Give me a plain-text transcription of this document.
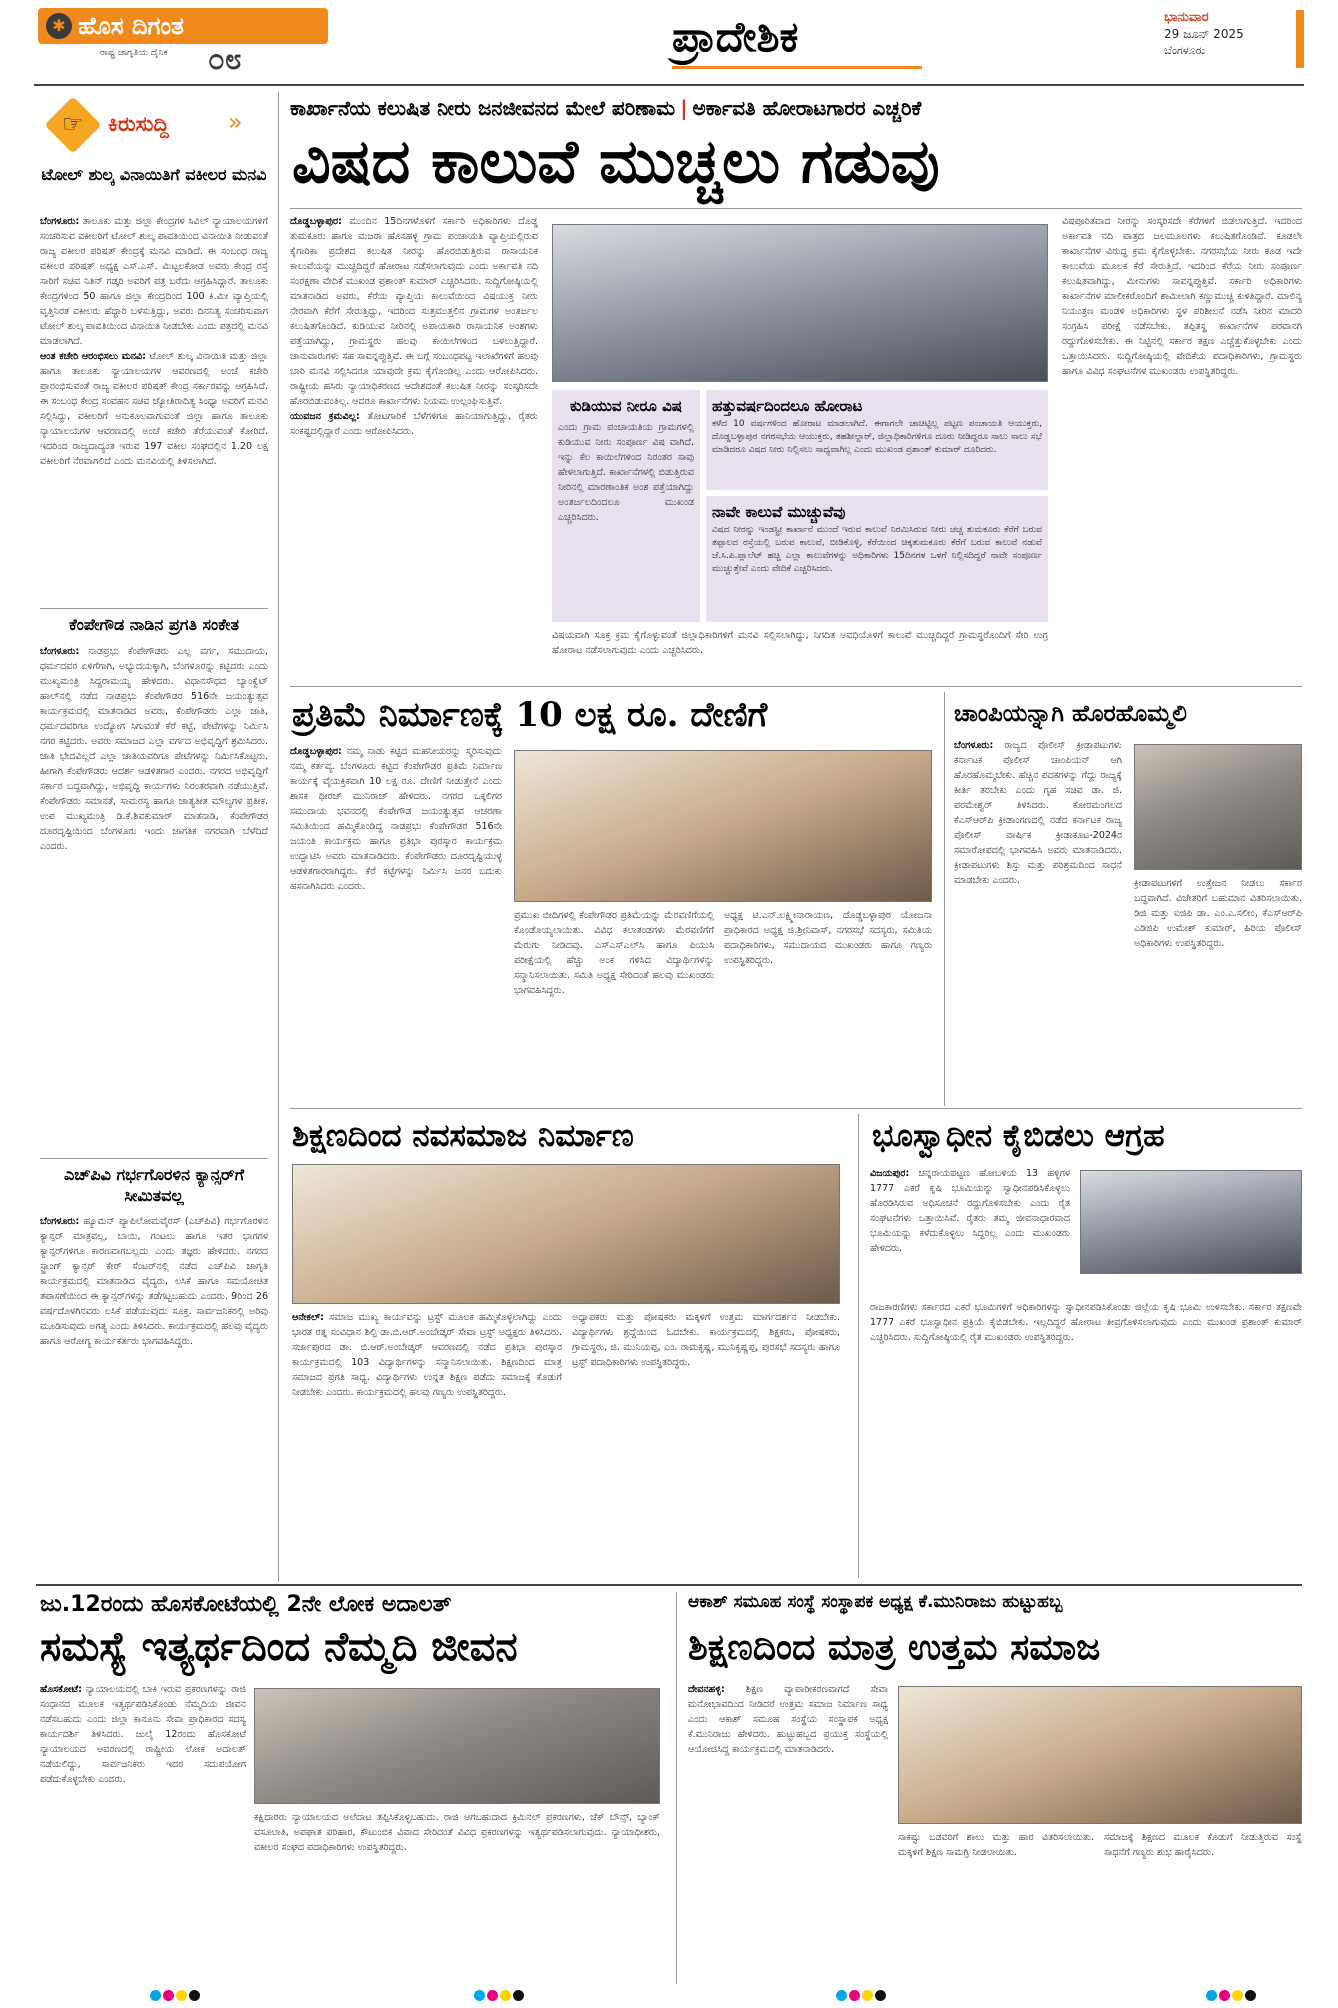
✱ ಹೊಸ ದಿಗಂತ
ರಾಷ್ಟ್ರ ಜಾಗೃತಿಯ ದೈನಿಕ ೦೮	ಪ್ರಾದೇಶಿಕ	ಭಾನುವಾರ
29 ಜೂನ್ 2025
ಬೆಂಗಳೂರು
☞ ಕಿರುಸುದ್ದಿ »
ಟೋಲ್ ಶುಲ್ಕ ವಿನಾಯಿತಿಗೆ ವಕೀಲರ ಮನವಿ
ಬೆಂಗಳೂರು: ತಾಲೂಕು ಮತ್ತು ಜಿಲ್ಲಾ ಕೇಂದ್ರಗಳ ಸಿವಿಲ್ ನ್ಯಾಯಾಲಯಗಳಿಗೆ ಸಂಚರಿಸುವ ವಕೀಲರಿಗೆ ಟೋಲ್ ಶುಲ್ಕ ಪಾವತಿಯಿಂದ ವಿನಾಯಿತಿ ನೀಡುವಂತೆ ರಾಜ್ಯ ವಕೀಲರ ಪರಿಷತ್ ಕೇಂದ್ರಕ್ಕೆ ಮನವಿ ಮಾಡಿದೆ. ಈ ಸಂಬಂಧ ರಾಜ್ಯ ವಕೀಲರ ಪರಿಷತ್ ಅಧ್ಯಕ್ಷ ಎಸ್.ಎಸ್. ಮಿಟ್ಟಲಕೋಡ ಅವರು ಕೇಂದ್ರ ರಸ್ತೆ ಸಾರಿಗೆ ಸಚಿವ ನಿತಿನ್ ಗಡ್ಕರಿ ಅವರಿಗೆ ಪತ್ರ ಬರೆದು ಆಗ್ರಹಿಸಿದ್ದಾರೆ. ತಾಲೂಕು ಕೇಂದ್ರಗಳಿಂದ 50 ಹಾಗೂ ಜಿಲ್ಲಾ ಕೇಂದ್ರದಿಂದ 100 ಕಿ.ಮೀ ವ್ಯಾಪ್ತಿಯಲ್ಲಿ ವೃತ್ತಿನಿರತ ವಕೀಲರು ಹೆದ್ದಾರಿ ಬಳಸುತ್ತಿದ್ದು, ಅವರು ದಿನನಿತ್ಯ ಸಂಚರಿಸುವಾಗ ಟೋಲ್ ಶುಲ್ಕ ಪಾವತಿಯಿಂದ ವಿನಾಯಿತಿ ನೀಡಬೇಕು ಎಂದು ಪತ್ರದಲ್ಲಿ ಮನವಿ ಮಾಡಲಾಗಿದೆ.
ಆಂತ ಕಚೇರಿ ಆರಂಭಿಸಲು ಮನವಿ: ಟೋಲ್ ಶುಲ್ಕ ವಿನಾಯಿತಿ ಮತ್ತು ಜಿಲ್ಲಾ ಹಾಗೂ ತಾಲೂಕು ನ್ಯಾಯಾಲಯಗಳ ಆವರಣದಲ್ಲಿ ಅಂಚೆ ಕಚೇರಿ ಪ್ರಾರಂಭಿಸುವಂತೆ ರಾಜ್ಯ ವಕೀಲರ ಪರಿಷತ್ ಕೇಂದ್ರ ಸರ್ಕಾರವನ್ನು ಆಗ್ರಹಿಸಿದೆ. ಈ ಸಂಬಂಧ ಕೇಂದ್ರ ಸಂವಹನ ಸಚಿವ ಜ್ಯೋತಿರಾದಿತ್ಯ ಸಿಂಧ್ಯಾ ಅವರಿಗೆ ಮನವಿ ಸಲ್ಲಿಸಿದ್ದು, ವಕೀಲರಿಗೆ ಅನುಕೂಲವಾಗುವಂತೆ ಜಿಲ್ಲಾ ಹಾಗೂ ತಾಲೂಕು ನ್ಯಾಯಾಲಯಗಳ ಆವರಣದಲ್ಲಿ ಅಂಚೆ ಕಚೇರಿ ತೆರೆಯುವಂತೆ ಕೋರಿದೆ. ಇದರಿಂದ ರಾಜ್ಯದಾದ್ಯಂತ ಇರುವ 197 ವಕೀಲ ಸಂಘದಲ್ಲಿನ 1.20 ಲಕ್ಷ ವಕೀಲರಿಗೆ ನೆರವಾಗಲಿದೆ ಎಂದು ಮನವಿಯಲ್ಲಿ ತಿಳಿಸಲಾಗಿದೆ.
ಕೆಂಪೇಗೌಡ ನಾಡಿನ ಪ್ರಗತಿ ಸಂಕೇತ
ಬೆಂಗಳೂರು: ನಾಡಪ್ರಭು ಕೆಂಪೇಗೌಡರು ಎಲ್ಲ ವರ್ಗ, ಸಮುದಾಯ, ಧರ್ಮದವರ ಏಳಿಗೆಗಾಗಿ, ಅಭ್ಯುದಯಕ್ಕಾಗಿ, ಬೆಂಗಳೂರನ್ನು ಕಟ್ಟಿದರು ಎಂದು ಮುಖ್ಯಮಂತ್ರಿ ಸಿದ್ದರಾಮಯ್ಯ ಹೇಳಿದರು. ವಿಧಾನಸೌಧದ ಬ್ಯಾಂಕ್ವೆಟ್ ಹಾಲ್‌ನಲ್ಲಿ ನಡೆದ ನಾಡಪ್ರಭು ಕೆಂಪೇಗೌಡರ 516ನೇ ಜಯಂತ್ಯುತ್ಸವ ಕಾರ್ಯಕ್ರಮದಲ್ಲಿ ಮಾತನಾಡಿದ ಅವರು, ಕೆಂಪೇಗೌಡರು ಎಲ್ಲಾ ಜಾತಿ, ಧರ್ಮದವರಿಗೂ ಉದ್ಯೋಗ ಸಿಗುವಂತೆ ಕೆರೆ ಕಟ್ಟೆ, ಪೇಟೆಗಳನ್ನು ನಿರ್ಮಿಸಿ ನಗರ ಕಟ್ಟಿದರು. ಅವರು ಸಮಾಜದ ಎಲ್ಲಾ ವರ್ಗದ ಅಭಿವೃದ್ಧಿಗೆ ಶ್ರಮಿಸಿದರು. ಜಾತಿ ಭೇದವಿಲ್ಲದೆ ಎಲ್ಲಾ ಜಾತಿಯವರಿಗೂ ಪೇಟೆಗಳನ್ನು ನಿರ್ಮಿಸಿಕೊಟ್ಟರು. ಹೀಗಾಗಿ ಕೆಂಪೇಗೌಡರು ಆದರ್ಶ ಆಡಳಿತಗಾರ ಎಂದರು. ನಗರದ ಅಭಿವೃದ್ಧಿಗೆ ಸರ್ಕಾರ ಬದ್ಧವಾಗಿದ್ದು, ಅಭಿವೃದ್ಧಿ ಕಾರ್ಯಗಳು ನಿರಂತರವಾಗಿ ನಡೆಯುತ್ತಿವೆ. ಕೆಂಪೇಗೌಡರು ಸಮಾನತೆ, ಸಾಮರಸ್ಯ ಹಾಗೂ ಜಾತ್ಯತೀತ ಮೌಲ್ಯಗಳ ಪ್ರತೀಕ. ಉಪ ಮುಖ್ಯಮಂತ್ರಿ ಡಿ.ಕೆ.ಶಿವಕುಮಾರ್ ಮಾತನಾಡಿ, ಕೆಂಪೇಗೌಡರ ದೂರದೃಷ್ಟಿಯಿಂದ ಬೆಂಗಳೂರು ಇಂದು ಜಾಗತಿಕ ನಗರವಾಗಿ ಬೆಳೆದಿದೆ ಎಂದರು.
ಎಚ್‌ಪಿವಿ ಗರ್ಭಗೊರಳಿನ ಕ್ಯಾನ್ಸರ್‌ಗೆ ಸೀಮಿತವಲ್ಲ
ಬೆಂಗಳೂರು: ಹ್ಯೂಮನ್ ಪ್ಯಾಪಿಲೋಮವೈರಸ್ (ಎಚ್‌ಪಿವಿ) ಗರ್ಭಗೊರಳಿನ ಕ್ಯಾನ್ಸರ್ ಮಾತ್ರವಲ್ಲ, ಬಾಯಿ, ಗಂಟಲು ಹಾಗೂ ಇತರ ಭಾಗಗಳ ಕ್ಯಾನ್ಸರ್‌ಗಳಿಗೂ ಕಾರಣವಾಗಬಲ್ಲದು ಎಂದು ತಜ್ಞರು ಹೇಳಿದರು. ನಗರದ ಸ್ಟ್ರಾಂಗ್ ಕ್ಯಾನ್ಸರ್ ಕೇರ್ ಸೆಂಟರ್‌ನಲ್ಲಿ ನಡೆದ ಎಚ್‌ಪಿವಿ ಜಾಗೃತಿ ಕಾರ್ಯಕ್ರಮದಲ್ಲಿ ಮಾತನಾಡಿದ ವೈದ್ಯರು, ಲಸಿಕೆ ಹಾಗೂ ಸಮಯೋಚಿತ ತಪಾಸಣೆಯಿಂದ ಈ ಕ್ಯಾನ್ಸರ್‌ಗಳನ್ನು ತಡೆಗಟ್ಟಬಹುದು ಎಂದರು. 9ರಿಂದ 26 ವರ್ಷದೊಳಗಿನವರು ಲಸಿಕೆ ಪಡೆಯುವುದು ಸೂಕ್ತ. ಸಾರ್ವಜನಿಕರಲ್ಲಿ ಅರಿವು ಮೂಡಿಸುವುದು ಅಗತ್ಯ ಎಂದು ತಿಳಿಸಿದರು. ಕಾರ್ಯಕ್ರಮದಲ್ಲಿ ಹಲವು ವೈದ್ಯರು ಹಾಗೂ ಆರೋಗ್ಯ ಕಾರ್ಯಕರ್ತರು ಭಾಗವಹಿಸಿದ್ದರು.
ಕಾರ್ಖಾನೆಯ ಕಲುಷಿತ ನೀರು ಜನಜೀವನದ ಮೇಲೆ ಪರಿಣಾಮ | ಅರ್ಕಾವತಿ ಹೋರಾಟಗಾರರ ಎಚ್ಚರಿಕೆ
ವಿಷದ ಕಾಲುವೆ ಮುಚ್ಚಲು ಗಡುವು
ದೊಡ್ಡಬಳ್ಳಾಪುರ: ಮುಂದಿನ 15ದಿನಗಳೊಳಗೆ ಸರ್ಕಾರಿ ಅಧಿಕಾರಿಗಳು ದೊಡ್ಡ ತುಮಕೂರು ಹಾಗೂ ಮಜರಾ ಹೊಸಹಳ್ಳಿ ಗ್ರಾಮ ಪಂಚಾಯತಿ ವ್ಯಾಪ್ತಿಯಲ್ಲಿರುವ ಕೈಗಾರಿಕಾ ಪ್ರದೇಶದ ಕಲುಷಿತ ನೀರನ್ನು ಹೊರಬಿಡುತ್ತಿರುವ ರಾಸಾಯನಿಕ ಕಾಲುವೆಯನ್ನು ಮುಚ್ಚದಿದ್ದರೆ ಹೋರಾಟ ನಡೆಸಲಾಗುವುದು ಎಂದು ಅರ್ಕಾವತಿ ನದಿ ಸಂರಕ್ಷಣಾ ವೇದಿಕೆ ಮುಖಂಡ ಪ್ರಶಾಂತ್ ಕುಮಾರ್ ಎಚ್ಚರಿಸಿದರು. ಸುದ್ದಿಗೋಷ್ಠಿಯಲ್ಲಿ ಮಾತನಾಡಿದ ಅವರು, ಕೆರೆಯ ವ್ಯಾಪ್ತಿಯ ಕಾಲುವೆಯಿಂದ ವಿಷಯುಕ್ತ ನೀರು ನೇರವಾಗಿ ಕೆರೆಗೆ ಸೇರುತ್ತಿದ್ದು, ಇದರಿಂದ ಸುತ್ತಮುತ್ತಲಿನ ಗ್ರಾಮಗಳ ಅಂತರ್ಜಲ ಕಲುಷಿತಗೊಂಡಿದೆ. ಕುಡಿಯುವ ನೀರಿನಲ್ಲಿ ಅಪಾಯಕಾರಿ ರಾಸಾಯನಿಕ ಅಂಶಗಳು ಪತ್ತೆಯಾಗಿದ್ದು, ಗ್ರಾಮಸ್ಥರು ಹಲವು ಕಾಯಿಲೆಗಳಿಂದ ಬಳಲುತ್ತಿದ್ದಾರೆ. ಜಾನುವಾರುಗಳು ಸಹ ಸಾವನ್ನಪ್ಪುತ್ತಿವೆ. ಈ ಬಗ್ಗೆ ಸಂಬಂಧಪಟ್ಟ ಇಲಾಖೆಗಳಿಗೆ ಹಲವು ಬಾರಿ ಮನವಿ ಸಲ್ಲಿಸಿದರೂ ಯಾವುದೇ ಕ್ರಮ ಕೈಗೊಂಡಿಲ್ಲ ಎಂದು ಆರೋಪಿಸಿದರು. ರಾಷ್ಟ್ರೀಯ ಹಸಿರು ನ್ಯಾಯಾಧಿಕರಣದ ಆದೇಶದಂತೆ ಕಲುಷಿತ ನೀರನ್ನು ಸಂಸ್ಕರಿಸದೇ ಹೊರಬಿಡುವಂತಿಲ್ಲ. ಆದರೂ ಕಾರ್ಖಾನೆಗಳು ನಿಯಮ ಉಲ್ಲಂಘಿಸುತ್ತಿವೆ.
ಯುವಜನ ಕ್ರಮವಿಲ್ಲ: ತೋಟಗಾರಿಕೆ ಬೆಳೆಗಳಿಗೂ ಹಾನಿಯಾಗುತ್ತಿದ್ದು, ರೈತರು ಸಂಕಷ್ಟದಲ್ಲಿದ್ದಾರೆ ಎಂದು ಆರೋಪಿಸಿದರು.
ವಿಷಪೂರಿತವಾದ ನೀರನ್ನು ಸಂಸ್ಕರಿಸದೇ ಕೆರೆಗಳಿಗೆ ಬಿಡಲಾಗುತ್ತಿದೆ. ಇದರಿಂದ ಅರ್ಕಾವತಿ ನದಿ ಪಾತ್ರದ ಜಲಮೂಲಗಳು ಕಲುಷಿತಗೊಂಡಿವೆ. ಕೂಡಲೇ ಕಾರ್ಖಾನೆಗಳ ವಿರುದ್ಧ ಕ್ರಮ ಕೈಗೊಳ್ಳಬೇಕು. ನಗರಸಭೆಯ ನೀರು ಕೂಡ ಇದೇ ಕಾಲುವೆಯ ಮೂಲಕ ಕೆರೆ ಸೇರುತ್ತಿದೆ. ಇದರಿಂದ ಕೆರೆಯ ನೀರು ಸಂಪೂರ್ಣ ಕಲುಷಿತವಾಗಿದ್ದು, ಮೀನುಗಳು ಸಾವನ್ನಪ್ಪುತ್ತಿವೆ. ಸರ್ಕಾರಿ ಅಧಿಕಾರಿಗಳು ಕಾರ್ಖಾನೆಗಳ ಮಾಲೀಕರೊಂದಿಗೆ ಶಾಮೀಲಾಗಿ ಕಣ್ಣುಮುಚ್ಚಿ ಕುಳಿತಿದ್ದಾರೆ. ಮಾಲಿನ್ಯ ನಿಯಂತ್ರಣ ಮಂಡಳಿ ಅಧಿಕಾರಿಗಳು ಸ್ಥಳ ಪರಿಶೀಲನೆ ನಡೆಸಿ ನೀರಿನ ಮಾದರಿ ಸಂಗ್ರಹಿಸಿ ಪರೀಕ್ಷೆ ನಡೆಸಬೇಕು. ತಪ್ಪಿತಸ್ಥ ಕಾರ್ಖಾನೆಗಳ ಪರವಾನಗಿ ರದ್ದುಗೊಳಿಸಬೇಕು. ಈ ನಿಟ್ಟಿನಲ್ಲಿ ಸರ್ಕಾರ ತಕ್ಷಣ ಎಚ್ಚೆತ್ತುಕೊಳ್ಳಬೇಕು ಎಂದು ಒತ್ತಾಯಿಸಿದರು. ಸುದ್ದಿಗೋಷ್ಠಿಯಲ್ಲಿ ವೇದಿಕೆಯ ಪದಾಧಿಕಾರಿಗಳು, ಗ್ರಾಮಸ್ಥರು ಹಾಗೂ ವಿವಿಧ ಸಂಘಟನೆಗಳ ಮುಖಂಡರು ಉಪಸ್ಥಿತರಿದ್ದರು.
ಕುಡಿಯುವ ನೀರೂ ವಿಷ
ಎಂದು ಗ್ರಾಮ ಪಂಚಾಯತಿಯ ಗ್ರಾಮಗಳಲ್ಲಿ ಕುಡಿಯುವ ನೀರು ಸಂಪೂರ್ಣ ವಿಷ ವಾಗಿದೆ. ಇನ್ನು ಕೆಲ ಕಾಯಿಲೆಗಳಿಂದ ನಿರಂತರ ಸಾವು ಹೇಳಲಾಗುತ್ತಿದೆ. ಕಾರ್ಖಾನೆಗಳಲ್ಲಿ ಬಿಡುತ್ತಿರುವ ನೀರಿನಲ್ಲಿ ಮಾರಣಾಂತಿಕ ಅಂಶ ಪತ್ತೆಯಾಗಿದ್ದು ಅಂತರ್ಜಲದಿಂದಲೂ ಮುಖಂಡ ಎಚ್ಚರಿಸಿದರು.
ಹತ್ತುವರ್ಷದಿಂದಲೂ ಹೋರಾಟ
ಕಳೆದ 10 ವರ್ಷಗಳಿಂದ ಹೋರಾಟ ಮಾಡಲಾಗಿದೆ. ಈಗಾಗಲೇ ಚಾಚಿಟ್ಟಿಲ್ಲ ಪಟ್ಟಣ ಪಂಚಾಯತಿ ಆಯುಕ್ತರು, ದೊಡ್ಡಬಳ್ಳಾಪುರ ನಗರಸಭೆಯ ಆಯುಕ್ತರು, ತಹಶೀಲ್ದಾರ್, ಜಿಲ್ಲಾಧಿಕಾರಿಗಳಿಗೂ ದೂರು ನೀಡಿದ್ದರೂ ಸಾಲು ಸಾಲು ಸಭೆ ಮಾಡಿದರೂ ವಿಷದ ನೀರು ನಿಲ್ಲಿಸಲು ಸಾಧ್ಯವಾಗಿಲ್ಲ ಎಂದು ಮುಖಂಡ ಪ್ರಶಾಂತ್ ಕುಮಾರ್ ದೂರಿದರು.
ನಾವೇ ಕಾಲುವೆ ಮುಚ್ಚುವೆವು
ವಿಷದ ನೀರನ್ನು ಇಂಡಸ್ಟ್ರೀ ಕಾರ್ಖಾನೆ ಮುಂದೆ ಇರುವ ಕಾಲುವೆ ನಿರಮಿಸಿರುವ ನೀರು ಚಚ್ಚ ತುಮಕೂರು ಕೆರೆಗೆ ಬರುವ ತಪ್ಪಾಲದ ರಸ್ತೆಯಲ್ಲಿ ಬರುವ ಕಾಲುವೆ, ಬೀಡಿಕೊಳ್ಳಿ, ಕೆರೆಯಿಂದ ಚಿಕ್ಕತುಮಕೂರು ಕೆರೆಗೆ ಬರುವ ಕಾಲುವೆ ನಡುವೆ ಜೆ.ಸಿ.ಪಿ.ಪ್ಲಾಲೆಟ್ ಹಚ್ಚಿ ಎಲ್ಲಾ ಕಾಲುವೆಗಳನ್ನು ಅಧಿಕಾರಿಗಳು 15ದಿನಗಳ ಒಳಗೆ ನಿಲ್ಲಿಸದಿದ್ದರೆ ನಾವೇ ಸಂಪೂರ್ಣ ಮುಚ್ಚುತ್ತೇವೆ ಎಂದು ವೇದಿಕೆ ಎಚ್ಚರಿಸಿದರು.
ವಿಷಯವಾಗಿ ಸೂಕ್ತ ಕ್ರಮ ಕೈಗೊಳ್ಳುವಂತೆ ಜಿಲ್ಲಾಧಿಕಾರಿಗಳಿಗೆ ಮನವಿ ಸಲ್ಲಿಸಲಾಗಿದ್ದು, ನಿಗದಿತ ಅವಧಿಯೊಳಗೆ ಕಾಲುವೆ ಮುಚ್ಚದಿದ್ದರೆ ಗ್ರಾಮಸ್ಥರೊಂದಿಗೆ ಸೇರಿ ಉಗ್ರ ಹೋರಾಟ ನಡೆಸಲಾಗುವುದು ಎಂದು ಎಚ್ಚರಿಸಿದರು.
ಪ್ರತಿಮೆ ನಿರ್ಮಾಣಕ್ಕೆ 10 ಲಕ್ಷ ರೂ. ದೇಣಿಗೆ
ದೊಡ್ಡಬಳ್ಳಾಪುರ: ನಮ್ಮ ನಾಡು ಕಟ್ಟಿದ ಮಹನೀಯರನ್ನು ಸ್ಮರಿಸುವುದು ನಮ್ಮ ಕರ್ತವ್ಯ. ಬೆಂಗಳೂರು ಕಟ್ಟಿದ ಕೆಂಪೇಗೌಡರ ಪ್ರತಿಮೆ ನಿರ್ಮಾಣ ಕಾರ್ಯಕ್ಕೆ ವೈಯಕ್ತಿಕವಾಗಿ 10 ಲಕ್ಷ ರೂ. ದೇಣಿಗೆ ನೀಡುತ್ತೇನೆ ಎಂದು ಶಾಸಕ ಧೀರಜ್ ಮುನಿರಾಜ್ ಹೇಳಿದರು. ನಗರದ ಒಕ್ಕಲಿಗರ ಸಮುದಾಯ ಭವನದಲ್ಲಿ ಕೆಂಪೇಗೌಡ ಜಯಂತ್ಯುತ್ಸವ ಆಚರಣಾ ಸಮಿತಿಯಿಂದ ಹಮ್ಮಿಕೊಂಡಿದ್ದ ನಾಡಪ್ರಭು ಕೆಂಪೇಗೌಡರ 516ನೇ ಜಯಂತಿ ಕಾರ್ಯಕ್ರಮ ಹಾಗೂ ಪ್ರತಿಭಾ ಪುರಸ್ಕಾರ ಕಾರ್ಯಕ್ರಮ ಉದ್ಘಾಟಿಸಿ ಅವರು ಮಾತನಾಡಿದರು. ಕೆಂಪೇಗೌಡರು ದೂರದೃಷ್ಟಿಯುಳ್ಳ ಆಡಳಿತಗಾರರಾಗಿದ್ದರು. ಕೆರೆ ಕಟ್ಟೆಗಳನ್ನು ನಿರ್ಮಿಸಿ ಜನರ ಬದುಕು ಹಸನಾಗಿಸಿದರು ಎಂದರು.
ಪ್ರಮುಖ ಬೀದಿಗಳಲ್ಲಿ ಕೆಂಪೇಗೌಡರ ಪ್ರತಿಮೆಯನ್ನು ಮೆರವಣಿಗೆಯಲ್ಲಿ ಕೊಂಡೊಯ್ಯಲಾಯಿತು. ವಿವಿಧ ಕಲಾತಂಡಗಳು ಮೆರವಣಿಗೆಗೆ ಮೆರುಗು ನೀಡಿದವು. ಎಸ್ಎಸ್ಎಲ್‌ಸಿ ಹಾಗೂ ಪಿಯುಸಿ ಪರೀಕ್ಷೆಯಲ್ಲಿ ಹೆಚ್ಚು ಅಂಕ ಗಳಿಸಿದ ವಿದ್ಯಾರ್ಥಿಗಳನ್ನು ಸನ್ಮಾನಿಸಲಾಯಿತು. ಸಮಿತಿ ಅಧ್ಯಕ್ಷ ಸೇರಿದಂತೆ ಹಲವು ಮುಖಂಡರು ಭಾಗವಹಿಸಿದ್ದರು.
ಅಧ್ಯಕ್ಷ ಟಿ.ಎನ್.ಲಕ್ಷ್ಮೀನಾರಾಯಣ, ದೊಡ್ಡಬಳ್ಳಾಪುರ ಯೋಜನಾ ಪ್ರಾಧಿಕಾರದ ಅಧ್ಯಕ್ಷ ಜಿ.ಶ್ರೀನಿವಾಸ್, ನಗರಸಭೆ ಸದಸ್ಯರು, ಸಮಿತಿಯ ಪದಾಧಿಕಾರಿಗಳು, ಸಮುದಾಯದ ಮುಖಂಡರು ಹಾಗೂ ಗಣ್ಯರು ಉಪಸ್ಥಿತರಿದ್ದರು.
ಚಾಂಪಿಯನ್ನಾಗಿ ಹೊರಹೊಮ್ಮಲಿ
ಬೆಂಗಳೂರು: ರಾಜ್ಯದ ಪೊಲೀಸ್ ಕ್ರೀಡಾಪಟುಗಳು ಕರ್ನಾಟಕ ಪೊಲೀಸ್ ಚಾಂಪಿಯನ್ ಆಗಿ ಹೊರಹೊಮ್ಮಬೇಕು. ಹೆಚ್ಚಿನ ಪದಕಗಳನ್ನು ಗೆದ್ದು ರಾಜ್ಯಕ್ಕೆ ಕೀರ್ತಿ ತರಬೇಕು ಎಂದು ಗೃಹ ಸಚಿವ ಡಾ. ಜಿ. ಪರಮೇಶ್ವರ್ ತಿಳಿಸಿದರು. ಕೋರಮಂಗಲದ ಕೆಎಸ್ಆರ್‌ಪಿ ಕ್ರೀಡಾಂಗಣದಲ್ಲಿ ನಡೆದ ಕರ್ನಾಟಕ ರಾಜ್ಯ ಪೊಲೀಸ್ ವಾರ್ಷಿಕ ಕ್ರೀಡಾಕೂಟ-2024ರ ಸಮಾರೋಪದಲ್ಲಿ ಭಾಗವಹಿಸಿ ಅವರು ಮಾತನಾಡಿದರು. ಕ್ರೀಡಾಪಟುಗಳು ಶಿಸ್ತು ಮತ್ತು ಪರಿಶ್ರಮದಿಂದ ಸಾಧನೆ ಮಾಡಬೇಕು ಎಂದರು.	ಕ್ರೀಡಾಪಟುಗಳಿಗೆ ಉತ್ತೇಜನ ನೀಡಲು ಸರ್ಕಾರ ಬದ್ಧವಾಗಿದೆ. ವಿಜೇತರಿಗೆ ಬಹುಮಾನ ವಿತರಿಸಲಾಯಿತು. ಡಿಜಿ ಮತ್ತು ಐಜಿಪಿ ಡಾ. ಎಂ.ಎ.ಸಲೀಂ, ಕೆಎಸ್ಆರ್‌ಪಿ ಎಡಿಜಿಪಿ ಉಮೇಶ್ ಕುಮಾರ್, ಹಿರಿಯ ಪೊಲೀಸ್ ಅಧಿಕಾರಿಗಳು ಉಪಸ್ಥಿತರಿದ್ದರು.
ಶಿಕ್ಷಣದಿಂದ ನವಸಮಾಜ ನಿರ್ಮಾಣ
ಆನೇಕಲ್: ಸಮಾಜ ಮುಖ್ಯ ಕಾರ್ಯವನ್ನು ಟ್ರಸ್ಟ್ ಮೂಲಕ ಹಮ್ಮಿಕೊಳ್ಳಲಾಗಿದ್ದು ಎಂದು ಭಾರತ ರತ್ನ ಸಂವಿಧಾನ ಶಿಲ್ಪಿ ಡಾ.ಬಿ.ಆರ್.ಅಂಬೇಡ್ಕರ್ ಸೇವಾ ಟ್ರಸ್ಟ್ ಅಧ್ಯಕ್ಷರು ತಿಳಿಸಿದರು. ಸರ್ಜಾಪುರದ ಡಾ. ಬಿ.ಆರ್.ಅಂಬೇಡ್ಕರ್ ಆವರಣದಲ್ಲಿ ನಡೆದ ಪ್ರತಿಭಾ ಪುರಸ್ಕಾರ ಕಾರ್ಯಕ್ರಮದಲ್ಲಿ 103 ವಿದ್ಯಾರ್ಥಿಗಳನ್ನು ಸನ್ಮಾನಿಸಲಾಯಿತು. ಶಿಕ್ಷಣದಿಂದ ಮಾತ್ರ ಸಮಾಜದ ಪ್ರಗತಿ ಸಾಧ್ಯ. ವಿದ್ಯಾರ್ಥಿಗಳು ಉನ್ನತ ಶಿಕ್ಷಣ ಪಡೆದು ಸಮಾಜಕ್ಕೆ ಕೊಡುಗೆ ನೀಡಬೇಕು ಎಂದರು. ಕಾರ್ಯಕ್ರಮದಲ್ಲಿ ಹಲವು ಗಣ್ಯರು ಉಪಸ್ಥಿತರಿದ್ದರು.
ಅಧ್ಯಾಪಕರು ಮತ್ತು ಪೋಷಕರು ಮಕ್ಕಳಿಗೆ ಉತ್ತಮ ಮಾರ್ಗದರ್ಶನ ನೀಡಬೇಕು. ವಿದ್ಯಾರ್ಥಿಗಳು ಶ್ರದ್ಧೆಯಿಂದ ಓದಬೇಕು. ಕಾರ್ಯಕ್ರಮದಲ್ಲಿ ಶಿಕ್ಷಕರು, ಪೋಷಕರು, ಗ್ರಾಮಸ್ಥರು, ಜಿ. ಮುನಿಯಪ್ಪ, ಎಂ. ರಾಮಕೃಷ್ಣ, ಮುನಿಕೃಷ್ಣಪ್ಪ, ಪುರಸಭೆ ಸದಸ್ಯರು ಹಾಗೂ ಟ್ರಸ್ಟ್ ಪದಾಧಿಕಾರಿಗಳು ಉಪಸ್ಥಿತರಿದ್ದರು.
ಭೂಸ್ವಾಧೀನ ಕೈಬಿಡಲು ಆಗ್ರಹ
ವಿಜಯಪುರ: ಚನ್ನರಾಯಪಟ್ಟಣ ಹೋಬಳಿಯ 13 ಹಳ್ಳಿಗಳ 1777 ಎಕರೆ ಕೃಷಿ ಭೂಮಿಯನ್ನು ಸ್ವಾಧೀನಪಡಿಸಿಕೊಳ್ಳಲು ಹೊರಡಿಸಿರುವ ಅಧಿಸೂಚನೆ ರದ್ದುಗೊಳಿಸಬೇಕು ಎಂದು ರೈತ ಸಂಘಟನೆಗಳು ಒತ್ತಾಯಿಸಿವೆ. ರೈತರು ತಮ್ಮ ಜೀವನಾಧಾರವಾದ ಭೂಮಿಯನ್ನು ಕಳೆದುಕೊಳ್ಳಲು ಸಿದ್ಧರಿಲ್ಲ ಎಂದು ಮುಖಂಡರು ಹೇಳಿದರು.
ರಾಜಕಾರಣಿಗಳು ಸರ್ಕಾರದ ಎಕರೆ ಭೂಮಿಗಳಿಗೆ ಅಧಿಕಾರಿಗಳನ್ನು ಸ್ವಾಧೀನಪಡಿಸಿಕೊಂಡು ಜಿಲ್ಲೆಯ ಕೃಷಿ ಭೂಮಿ ಉಳಿಸಬೇಕು. ಸರ್ಕಾರ ತಕ್ಷಣವೇ 1777 ಎಕರೆ ಭೂಸ್ವಾಧೀನ ಪ್ರಕ್ರಿಯೆ ಕೈಬಿಡಬೇಕು. ಇಲ್ಲದಿದ್ದರೆ ಹೋರಾಟ ತೀವ್ರಗೊಳಿಸಲಾಗುವುದು ಎಂದು ಮುಖಂಡ ಪ್ರಶಾಂತ್ ಕುಮಾರ್ ಎಚ್ಚರಿಸಿದರು. ಸುದ್ದಿಗೋಷ್ಠಿಯಲ್ಲಿ ರೈತ ಮುಖಂಡರು ಉಪಸ್ಥಿತರಿದ್ದರು.
ಜು.12ರಂದು ಹೊಸಕೋಟೆಯಲ್ಲಿ 2ನೇ ಲೋಕ ಅದಾಲತ್
ಸಮಸ್ಯೆ ಇತ್ಯರ್ಥದಿಂದ ನೆಮ್ಮದಿ ಜೀವನ
ಹೊಸಕೋಟೆ: ನ್ಯಾಯಾಲಯದಲ್ಲಿ ಬಾಕಿ ಇರುವ ಪ್ರಕರಣಗಳನ್ನು ರಾಜಿ ಸಂಧಾನದ ಮೂಲಕ ಇತ್ಯರ್ಥಪಡಿಸಿಕೊಂಡು ನೆಮ್ಮದಿಯ ಜೀವನ ನಡೆಸಬಹುದು ಎಂದು ಜಿಲ್ಲಾ ಕಾನೂನು ಸೇವಾ ಪ್ರಾಧಿಕಾರದ ಸದಸ್ಯ ಕಾರ್ಯದರ್ಶಿ ತಿಳಿಸಿದರು. ಜುಲೈ 12ರಂದು ಹೊಸಕೋಟೆ ನ್ಯಾಯಾಲಯದ ಆವರಣದಲ್ಲಿ ರಾಷ್ಟ್ರೀಯ ಲೋಕ ಅದಾಲತ್ ನಡೆಯಲಿದ್ದು, ಸಾರ್ವಜನಿಕರು ಇದರ ಸದುಪಯೋಗ ಪಡೆದುಕೊಳ್ಳಬೇಕು ಎಂದರು.
ಕಕ್ಷಿದಾರರು ನ್ಯಾಯಾಲಯದ ಅಲೆದಾಟ ತಪ್ಪಿಸಿಕೊಳ್ಳಬಹುದು. ರಾಜಿ ಆಗಬಹುದಾದ ಕ್ರಿಮಿನಲ್ ಪ್ರಕರಣಗಳು, ಚೆಕ್ ಬೌನ್ಸ್, ಬ್ಯಾಂಕ್ ವಸೂಲಾತಿ, ಅಪಘಾತ ಪರಿಹಾರ, ಕೌಟುಂಬಿಕ ವಿವಾದ ಸೇರಿದಂತೆ ವಿವಿಧ ಪ್ರಕರಣಗಳನ್ನು ಇತ್ಯರ್ಥಪಡಿಸಲಾಗುವುದು. ನ್ಯಾಯಾಧೀಶರು, ವಕೀಲರ ಸಂಘದ ಪದಾಧಿಕಾರಿಗಳು ಉಪಸ್ಥಿತರಿದ್ದರು.
ಆಕಾಶ್ ಸಮೂಹ ಸಂಸ್ಥೆ ಸಂಸ್ಥಾಪಕ ಅಧ್ಯಕ್ಷ ಕೆ.ಮುನಿರಾಜು ಹುಟ್ಟುಹಬ್ಬ
ಶಿಕ್ಷಣದಿಂದ ಮಾತ್ರ ಉತ್ತಮ ಸಮಾಜ
ದೇವನಹಳ್ಳಿ: ಶಿಕ್ಷಣ ವ್ಯಾಪಾರೀಕರಣವಾಗದೆ ಸೇವಾ ಮನೋಭಾವದಿಂದ ನೀಡಿದರೆ ಉತ್ತಮ ಸಮಾಜ ನಿರ್ಮಾಣ ಸಾಧ್ಯ ಎಂದು ಆಕಾಶ್ ಸಮೂಹ ಸಂಸ್ಥೆಯ ಸಂಸ್ಥಾಪಕ ಅಧ್ಯಕ್ಷ ಕೆ.ಮುನಿರಾಜು ಹೇಳಿದರು. ಹುಟ್ಟುಹಬ್ಬದ ಪ್ರಯುಕ್ತ ಸಂಸ್ಥೆಯಲ್ಲಿ ಆಯೋಜಿಸಿದ್ದ ಕಾರ್ಯಕ್ರಮದಲ್ಲಿ ಮಾತನಾಡಿದರು.
ಸಾಕಷ್ಟು ಬಡವರಿಗೆ ಶಾಲು ಮತ್ತು ಹಾರ ವಿತರಿಸಲಾಯಿತು. ಮಕ್ಕಳಿಗೆ ಶಿಕ್ಷಣ ಸಾಮಗ್ರಿ ನೀಡಲಾಯಿತು.
ಸಮಾಜಕ್ಕೆ ಶಿಕ್ಷಣದ ಮೂಲಕ ಕೊಡುಗೆ ನೀಡುತ್ತಿರುವ ಸಂಸ್ಥೆ ಸಾಧನೆಗೆ ಗಣ್ಯರು ಶುಭ ಹಾರೈಸಿದರು.
